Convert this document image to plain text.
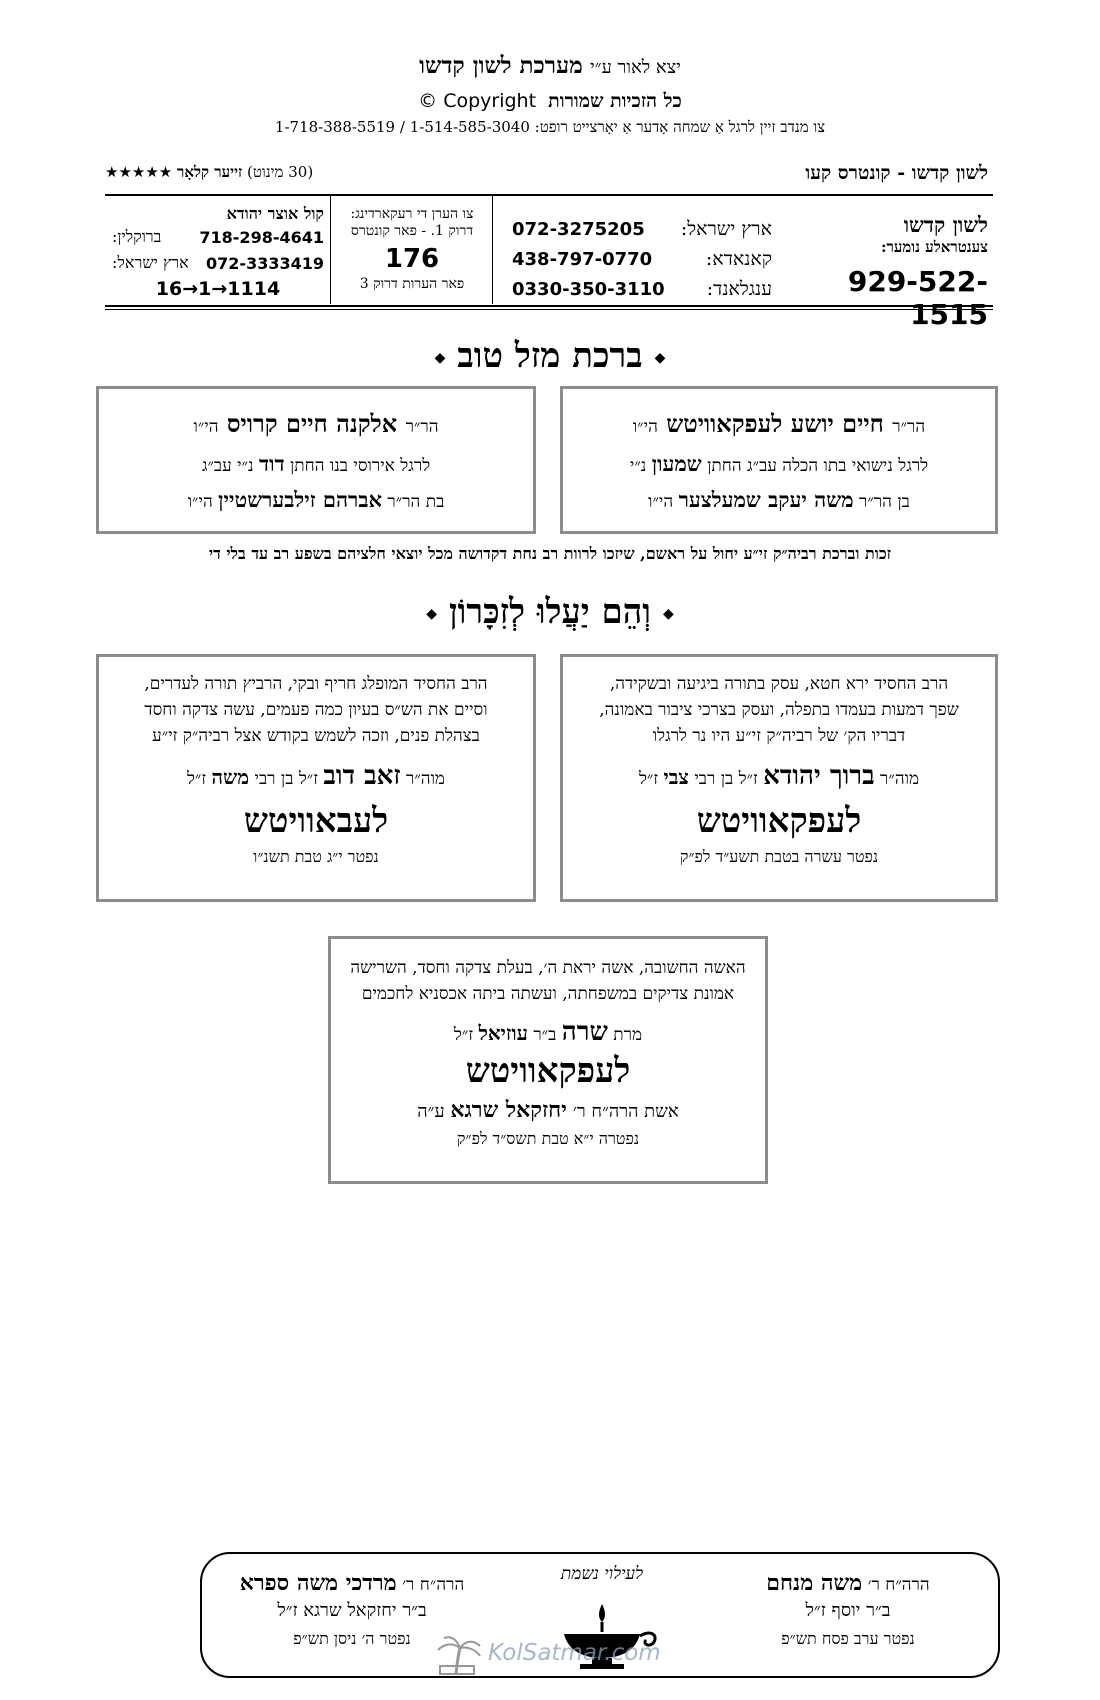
יצא לאור ע״י מערכת לשון קדשו
כל הזכיות שמורות  Copyright ©
צו מנדב זיין לרגל אַ שמחה אָדער אַ יאָרצייט רופט: 1-514-585-3040 / 1-718-388-5519
(30 מינוט) זייער קלאָר ★★★★★	לשון קדשו - קונטרס קעו
לשון קדשו
צענטראלע נומער:
929-522-1515
ארץ ישראל:
072-3275205
קאנאדא:
438-797-0770
ענגלאנד:
0330-350-3110
צו הערן די רעקארדינג:
דרוק 1. - פאר קונטרס
176
פאר הערות דרוק 3
קול אוצר יהודא
ברוקלין: 718-298-4641
ארץ ישראל: 072-3333419
16→1→1114
◆ברכת מזל טוב◆
הר״ר חיים יושע לעפקאוויטש הי״ו
לרגל נישואי בתו הכלה עב״ג החתן שמעון נ״י
בן הר״ר משה יעקב שמעלצער הי״ו
הר״ר אלקנה חיים קרויס הי״ו
לרגל אירוסי בנו החתן דוד נ״י עב״ג
בת הר״ר אברהם זילבערשטיין הי״ו
זכות וברכת רביה״ק זי״ע יחול על ראשם, שיזכו לרוות רב נחת דקדושה מכל יוצאי חלציהם בשפע רב עד בלי די
◆וְהֵם יַעֲלוּ לְזִכָּרוֹן◆
הרב החסיד ירא חטא, עסק בתורה ביגיעה ובשקידה,
שפך דמעות בעמדו בתפלה, ועסק בצרכי ציבור באמונה,
דבריו הק׳ של רביה״ק זי״ע היו נר לרגלו
מוה״ר ברוך יהודא ז״ל בן רבי צבי ז״ל
לעפקאוויטש
נפטר עשרה בטבת תשע״ד לפ״ק
הרב החסיד המופלג חריף ובקי, הרביץ תורה לעדרים,
וסיים את הש״ס בעיון כמה פעמים, עשה צדקה וחסד
בצהלת פנים, וזכה לשמש בקודש אצל רביה״ק זי״ע
מוה״ר זאב דוב ז״ל בן רבי משה ז״ל
לעבאוויטש
נפטר י״ג טבת תשנ״ו
האשה החשובה, אשה יראת ה׳, בעלת צדקה וחסד, השרישה
אמונת צדיקים במשפחתה, ועשתה ביתה אכסניא לחכמים
מרת שרה ב״ר עוזיאל ז״ל
לעפקאוויטש
אשת הרה״ח ר׳ יחזקאל שרגא ע״ה
נפטרה י״א טבת תשס״ד לפ״ק
הרה״ח ר׳ משה מנחם
ב״ר יוסף ז״ל
נפטר ערב פסח תש״פ
לעילוי נשמת
הרה״ח ר׳ מרדכי משה ספרא
ב״ר יחזקאל שרגא ז״ל
נפטר ה׳ ניסן תש״פ
KolSatmar.com
